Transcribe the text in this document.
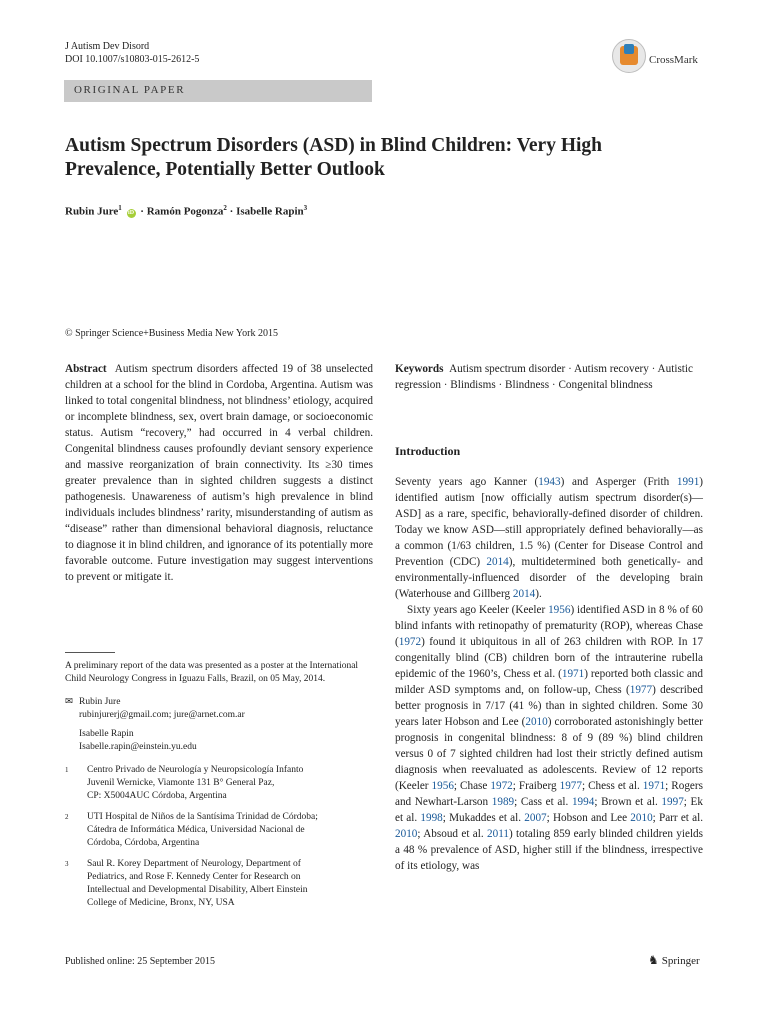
J Autism Dev Disord
DOI 10.1007/s10803-015-2612-5	CrossMark
ORIGINAL PAPER
Autism Spectrum Disorders (ASD) in Blind Children: Very High Prevalence, Potentially Better Outlook
Rubin Jure$^1$ iD · Ramón Pogonza$^2$ · Isabelle Rapin$^3$
© Springer Science+Business Media New York 2015

Abstract Autism spectrum disorders affected 19 of 38 unselected children at a school for the blind in Cordoba, Argentina. Autism was linked to total congenital blindness, not blindness’ etiology, acquired or incomplete blindness, sex, overt brain damage, or socioeconomic status. Autism “recovery,” had occurred in 4 verbal children. Congenital blindness causes profoundly deviant sensory experience and massive reorganization of brain connectivity. Its ≥30 times greater prevalence than in sighted children suggests a distinct pathogenesis. Unawareness of autism’s high prevalence in blind individuals includes blindness’ rarity, misunderstanding of autism as “disease” rather than dimensional behavioral diagnosis, reluctance to diagnose it in blind children, and ignorance of its potentially more favorable outcome. Future investigation may suggest interventions to prevent or mitigate it.

A preliminary report of the data was presented as a poster at the International Child Neurology Congress in Iguazu Falls, Brazil, on 05 May, 2014.
✉ Rubin Jure
rubinjurerj@gmail.com; jure@arnet.com.ar
Isabelle Rapin
Isabelle.rapin@einstein.yu.edu
1	Centro Privado de Neurología y Neuropsicología Infanto
Juvenil Wernicke, Viamonte 131 B° General Paz,
CP: X5004AUC Córdoba, Argentina
2	UTI Hospital de Niños de la Santísima Trinidad de Córdoba;
Cátedra de Informática Médica, Universidad Nacional de
Córdoba, Córdoba, Argentina
3	Saul R. Korey Department of Neurology, Department of
Pediatrics, and Rose F. Kennedy Center for Research on
Intellectual and Developmental Disability, Albert Einstein
College of Medicine, Bronx, NY, USA

Keywords Autism spectrum disorder · Autism recovery · Autistic regression · Blindisms · Blindness · Congenital blindness

Introduction

Seventy years ago Kanner (1943) and Asperger (Frith 1991) identified autism [now officially autism spectrum disorder(s)—ASD] as a rare, specific, behaviorally-defined disorder of children. Today we know ASD—still appropriately defined behaviorally—as a common (1/63 children, 1.5 %) (Center for Disease Control and Prevention (CDC) 2014), multidetermined both genetically- and environmentally-influenced disorder of the developing brain (Waterhouse and Gillberg 2014).

Sixty years ago Keeler (Keeler 1956) identified ASD in 8 % of 60 blind infants with retinopathy of prematurity (ROP), whereas Chase (1972) found it ubiquitous in all of 263 children with ROP. In 17 congenitally blind (CB) children born of the intrauterine rubella epidemic of the 1960’s, Chess et al. (1971) reported both classic and milder ASD symptoms and, on follow-up, Chess (1977) described better prognosis in 7/17 (41 %) than in sighted children. Some 30 years later Hobson and Lee (2010) corroborated astonishingly better prognosis in congenital blindness: 8 of 9 (89 %) blind children versus 0 of 7 sighted children had lost their strictly defined autism diagnosis when reevaluated as adolescents. Review of 12 reports (Keeler 1956; Chase 1972; Fraiberg 1977; Chess et al. 1971; Rogers and Newhart-Larson 1989; Cass et al. 1994; Brown et al. 1997; Ek et al. 1998; Mukaddes et al. 2007; Hobson and Lee 2010; Parr et al. 2010; Absoud et al. 2011) totaling 859 early blinded children yields a 48 % prevalence of ASD, higher still if the blindness, irrespective of its etiology, was

Published online: 25 September 2015	♞ Springer
